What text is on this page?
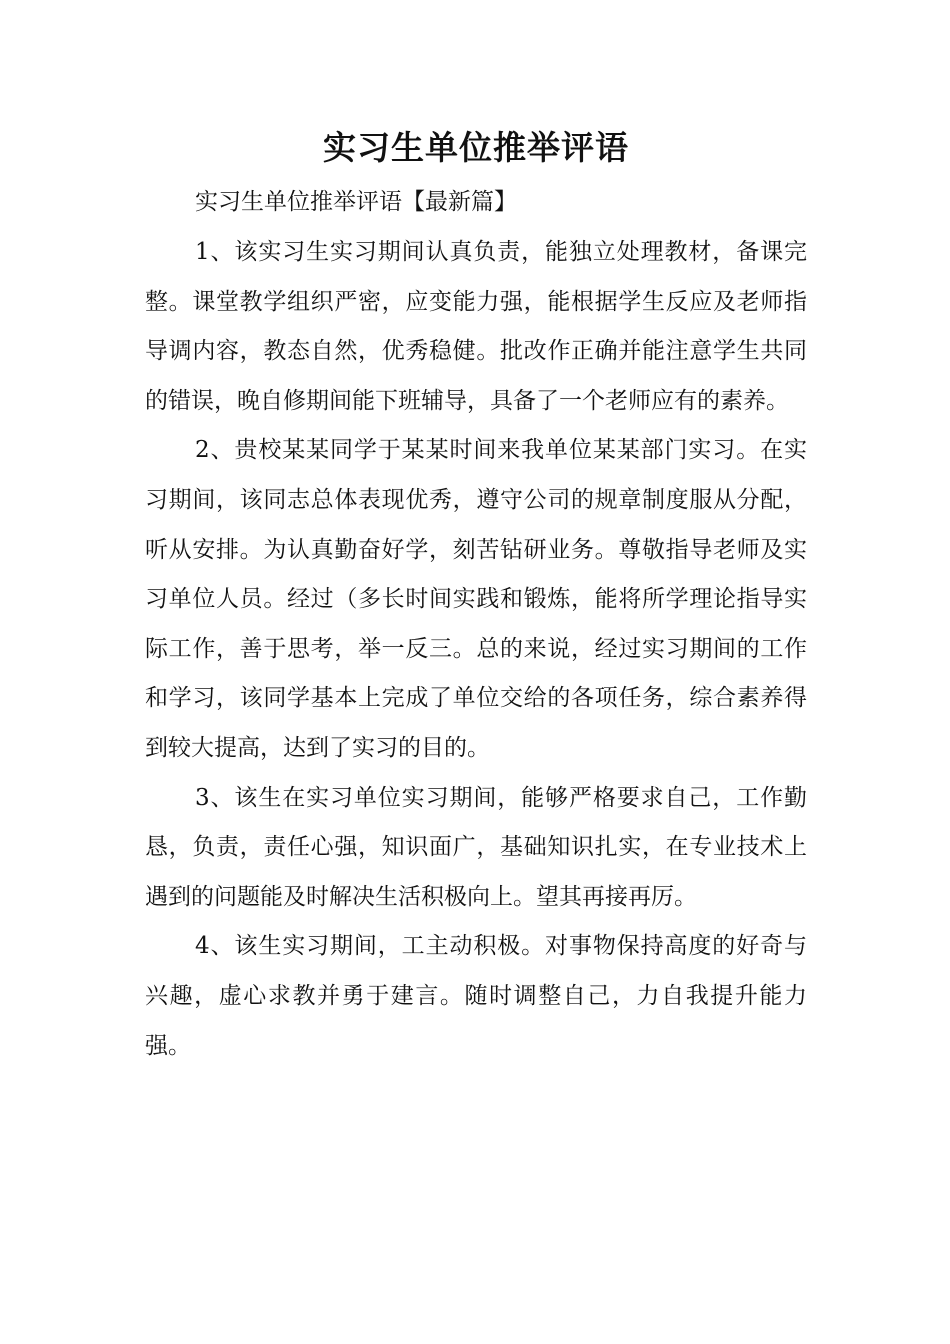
实习生单位推举评语
实习生单位推举评语【最新篇】

1、该实习生实习期间认真负责，能独立处理教材，备课完整。课堂教学组织严密，应变能力强，能根据学生反应及老师指导调内容，教态自然，优秀稳健。批改作正确并能注意学生共同的错误，晚自修期间能下班辅导，具备了一个老师应有的素养。

2、贵校某某同学于某某时间来我单位某某部门实习。在实习期间，该同志总体表现优秀，遵守公司的规章制度服从分配，听从安排。为认真勤奋好学，刻苦钻研业务。尊敬指导老师及实习单位人员。经过（多长时间实践和锻炼，能将所学理论指导实际工作，善于思考，举一反三。总的来说，经过实习期间的工作和学习，该同学基本上完成了单位交给的各项任务，综合素养得到较大提高，达到了实习的目的。

3、该生在实习单位实习期间，能够严格要求自己，工作勤恳，负责，责任心强，知识面广，基础知识扎实，在专业技术上遇到的问题能及时解决生活积极向上。望其再接再厉。

4、该生实习期间，工主动积极。对事物保持高度的好奇与兴趣，虚心求教并勇于建言。随时调整自己，力自我提升能力强。
